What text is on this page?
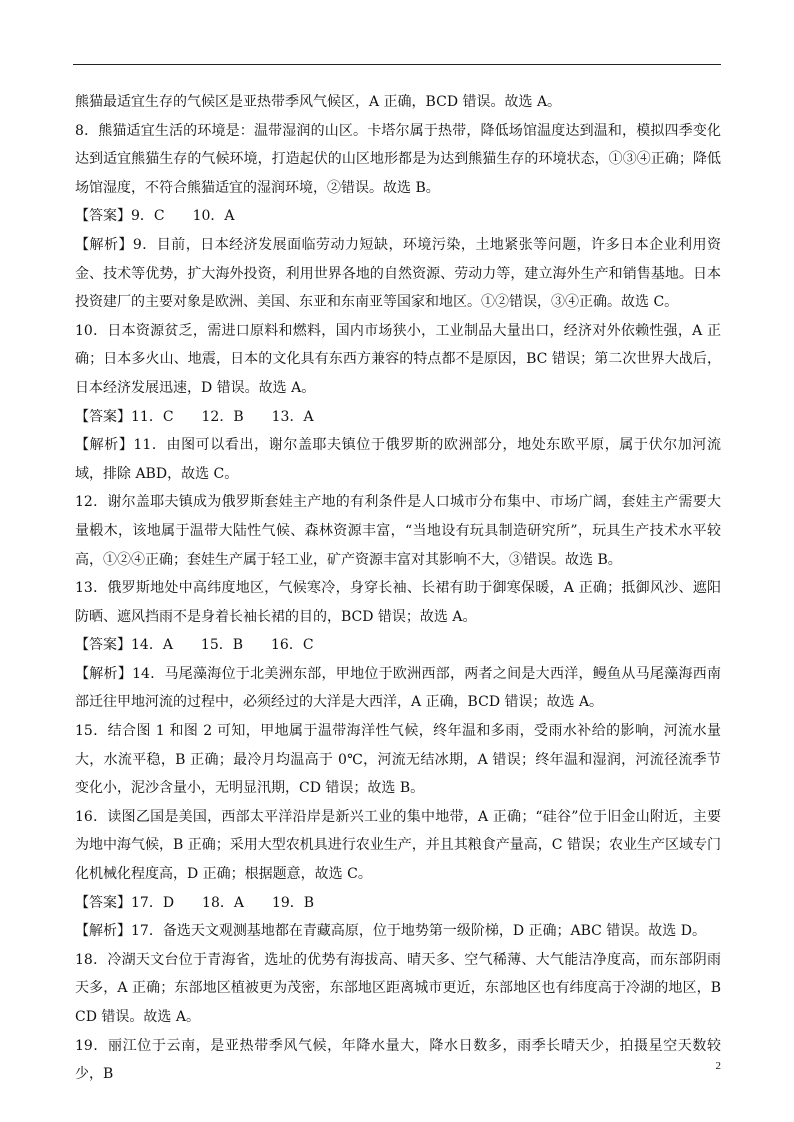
熊猫最适宜生存的气候区是亚热带季风气候区，A 正确，BCD 错误。故选 A。

8．熊猫适宜生活的环境是：温带湿润的山区。卡塔尔属于热带，降低场馆温度达到温和，模拟四季变化达到适宜熊猫生存的气候环境，打造起伏的山区地形都是为达到熊猫生存的环境状态，①③④正确；降低场馆湿度，不符合熊猫适宜的湿润环境，②错误。故选 B。

【答案】9．C　　10．A

【解析】9．目前，日本经济发展面临劳动力短缺，环境污染，土地紧张等问题，许多日本企业利用资金、技术等优势，扩大海外投资，利用世界各地的自然资源、劳动力等，建立海外生产和销售基地。日本投资建厂的主要对象是欧洲、美国、东亚和东南亚等国家和地区。①②错误，③④正确。故选 C。

10．日本资源贫乏，需进口原料和燃料，国内市场狭小，工业制品大量出口，经济对外依赖性强，A 正确；日本多火山、地震，日本的文化具有东西方兼容的特点都不是原因，BC 错误；第二次世界大战后，日本经济发展迅速，D 错误。故选 A。

【答案】11．C　　12．B　　13．A

【解析】11．由图可以看出，谢尔盖耶夫镇位于俄罗斯的欧洲部分，地处东欧平原，属于伏尔加河流域，排除 ABD，故选 C。

12．谢尔盖耶夫镇成为俄罗斯套娃主产地的有利条件是人口城市分布集中、市场广阔，套娃主产需要大量椴木，该地属于温带大陆性气候、森林资源丰富，“当地设有玩具制造研究所”，玩具生产技术水平较高，①②④正确；套娃生产属于轻工业，矿产资源丰富对其影响不大，③错误。故选 B。

13．俄罗斯地处中高纬度地区，气候寒冷，身穿长袖、长裙有助于御寒保暖，A 正确；抵御风沙、遮阳防晒、遮风挡雨不是身着长袖长裙的目的，BCD 错误；故选 A。

【答案】14．A　　15．B　　16．C

【解析】14．马尾藻海位于北美洲东部，甲地位于欧洲西部，两者之间是大西洋，鳗鱼从马尾藻海西南部迁往甲地河流的过程中，必须经过的大洋是大西洋，A 正确，BCD 错误；故选 A。

15．结合图 1 和图 2 可知，甲地属于温带海洋性气候，终年温和多雨，受雨水补给的影响，河流水量大，水流平稳，B 正确；最冷月均温高于 0℃，河流无结冰期，A 错误；终年温和湿润，河流径流季节变化小，泥沙含量小，无明显汛期，CD 错误；故选 B。

16．读图乙国是美国，西部太平洋沿岸是新兴工业的集中地带，A 正确；“硅谷”位于旧金山附近，主要为地中海气候，B 正确；采用大型农机具进行农业生产，并且其粮食产量高，C 错误；农业生产区域专门化机械化程度高，D 正确；根据题意，故选 C。

【答案】17．D　　18．A　　19．B

【解析】17．备选天文观测基地都在青藏高原，位于地势第一级阶梯，D 正确；ABC 错误。故选 D。

18．冷湖天文台位于青海省，选址的优势有海拔高、晴天多、空气稀薄、大气能洁净度高，而东部阴雨天多，A 正确；东部地区植被更为茂密，东部地区距离城市更近，东部地区也有纬度高于冷湖的地区，BCD 错误。故选 A。

19．丽江位于云南，是亚热带季风气候，年降水量大，降水日数多，雨季长晴天少，拍摄星空天数较少，B

2
